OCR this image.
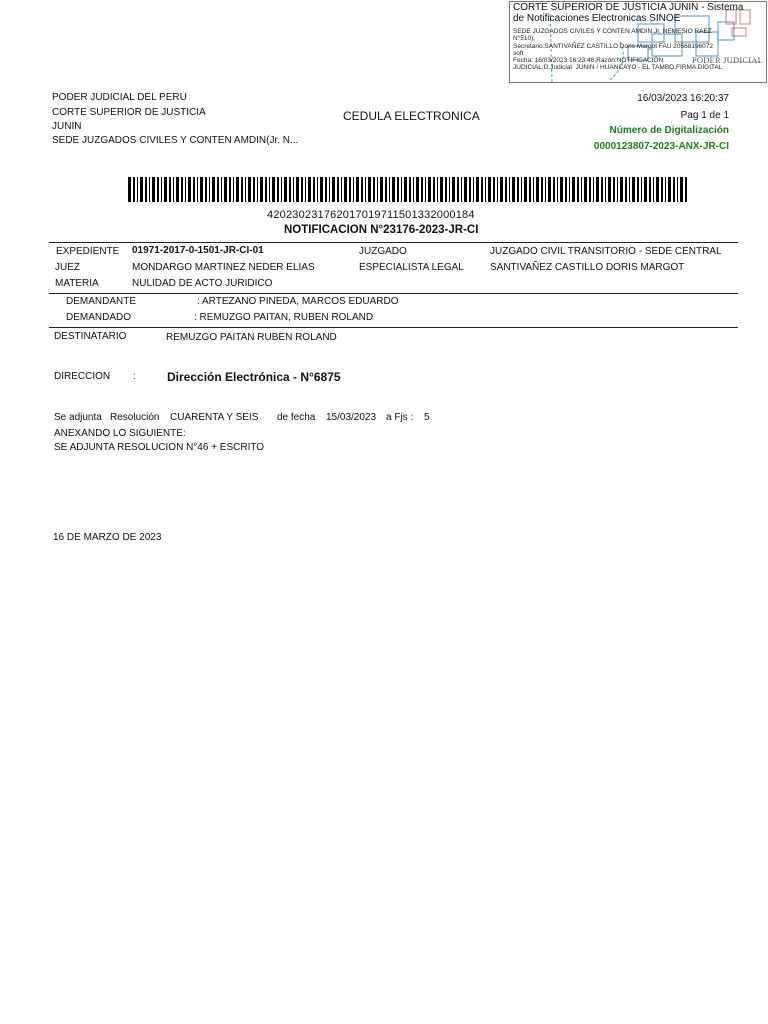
CORTE SUPERIOR DE JUSTICIA JUNIN - Sistema
de Notificaciones Electronicas SINOE
SEDE JUZGADOS CIVILES Y CONTEN AMDIN,Jr. NEMESIO RAEZ
N°510),
Secretario:SANTIVAÑEZ CASTILLO Doris Margot FAU 20568196072
soft
Fecha: 16/03/2023 16:23:46,Razón:NOTIFICACIÓN
JUDICIAL,D.Judicial: JUNIN / HUANCAYO - EL TAMBO,FIRMA DIGITAL
PODER JUDICIAL
PODER JUDICIAL DEL PERU
CORTE SUPERIOR DE JUSTICIA
JUNIN
SEDE JUZGADOS CIVILES Y CONTEN AMDIN(Jr. N...
CEDULA ELECTRONICA
16/03/2023 16:20:37
Pag 1 de 1
Número de Digitalización
0000123807-2023-ANX-JR-CI
420230231762017019711501332000184
NOTIFICACION N°23176-2023-JR-CI
EXPEDIENTE 01971-2017-0-1501-JR-CI-01	JUZGADO	JUZGADO CIVIL TRANSITORIO - SEDE CENTRAL
JUEZ	MONDARGO MARTINEZ NEDER ELIAS	ESPECIALISTA LEGAL	SANTIVAÑEZ CASTILLO DORIS MARGOT
MATERIA	NULIDAD DE ACTO JURIDICO
DEMANDANTE	: ARTEZANO PINEDA, MARCOS EDUARDO
DEMANDADO	: REMUZGO PAITAN, RUBEN ROLAND
DESTINATARIO	REMUZGO PAITAN RUBEN ROLAND
DIRECCION :	Dirección Electrónica - N°6875
Se adjunta Resolución CUARENTA Y SEIS de fecha 15/03/2023 a Fjs : 5
ANEXANDO LO SIGUIENTE:
SE ADJUNTA RESOLUCION N°46 + ESCRITO
16 DE MARZO DE 2023
